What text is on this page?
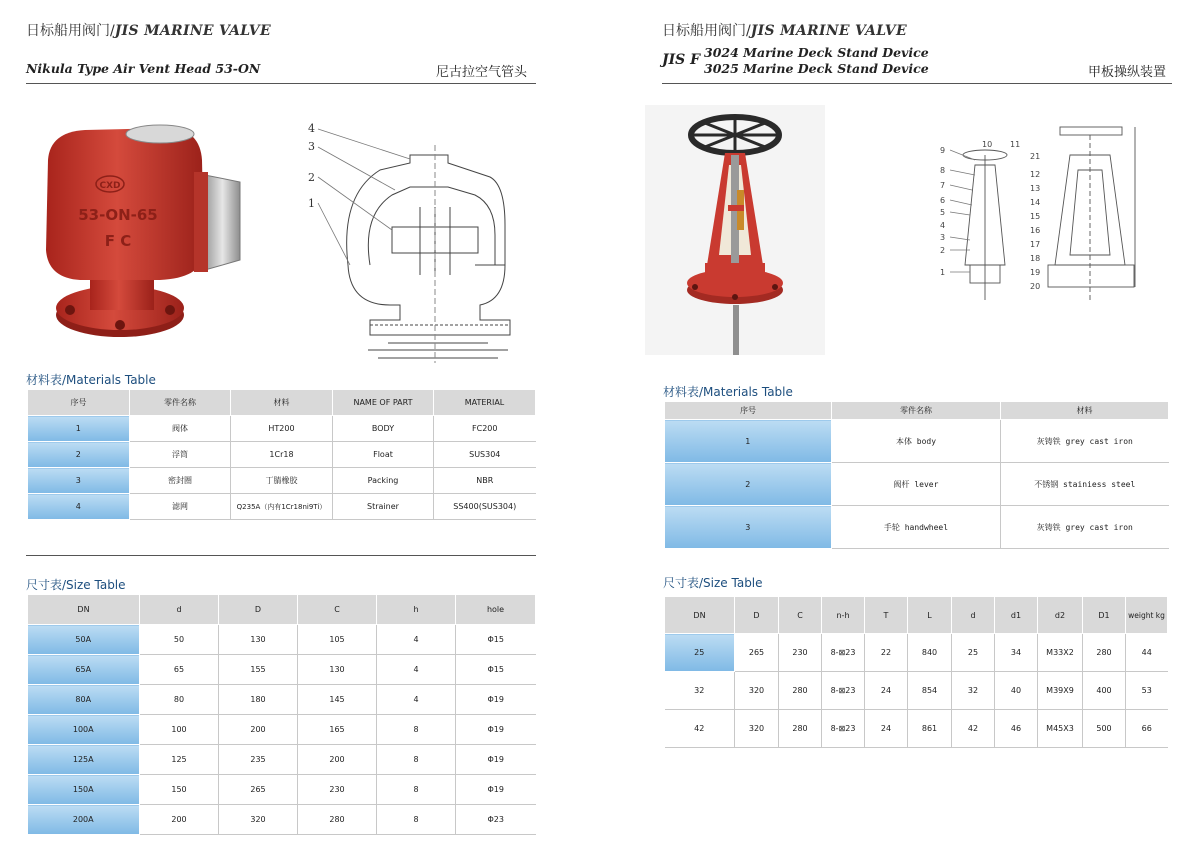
日标船用阀门/JIS MARINE VALVE
Nikula Type Air Vent Head 53-ON	尼古拉空气管头
CXD
53-ON-65
F C
4
3
2
1
材料表/Materials Table
序号	零件名称	材料	NAME OF PART	MATERIAL
1	阀体	HT200	BODY	FC200
2	浮筒	1Cr18	Float	SUS304
3	密封圈	丁腈橡胶	Packing	NBR
4	滤网	Q235A（内有1Cr18ni9Ti）	Strainer	SS400(SUS304)
尺寸表/Size Table
DN	d	D	C	h	hole
50A	50	130	105	4	Φ15
65A	65	155	130	4	Φ15
80A	80	180	145	4	Φ19
100A	100	200	165	8	Φ19
125A	125	235	200	8	Φ19
150A	150	265	230	8	Φ19
200A	200	320	280	8	Φ23
日标船用阀门/JIS MARINE VALVE
JIS F 3024 Marine Deck Stand Device
3025 Marine Deck Stand Device	甲板操纵装置
9
8
7
6
5
4
3
2
1
10 11
21
12
13
14
15
16
17
18
19
20
材料表/Materials Table
序号	零件名称	材料
1	本体 body	灰铸铁 grey cast iron
2	阀杆 lever	不锈钢 stainiess steel
3	手轮 handwheel	灰铸铁 grey cast iron
尺寸表/Size Table
DN	D	C	n-h	T	L	d	d1	d2	D1	weight kg
25	265	230	8-⊠23	22	840	25	34	M33X2	280	44
32	320	280	8-⊠23	24	854	32	40	M39X9	400	53
42	320	280	8-⊠23	24	861	42	46	M45X3	500	66
